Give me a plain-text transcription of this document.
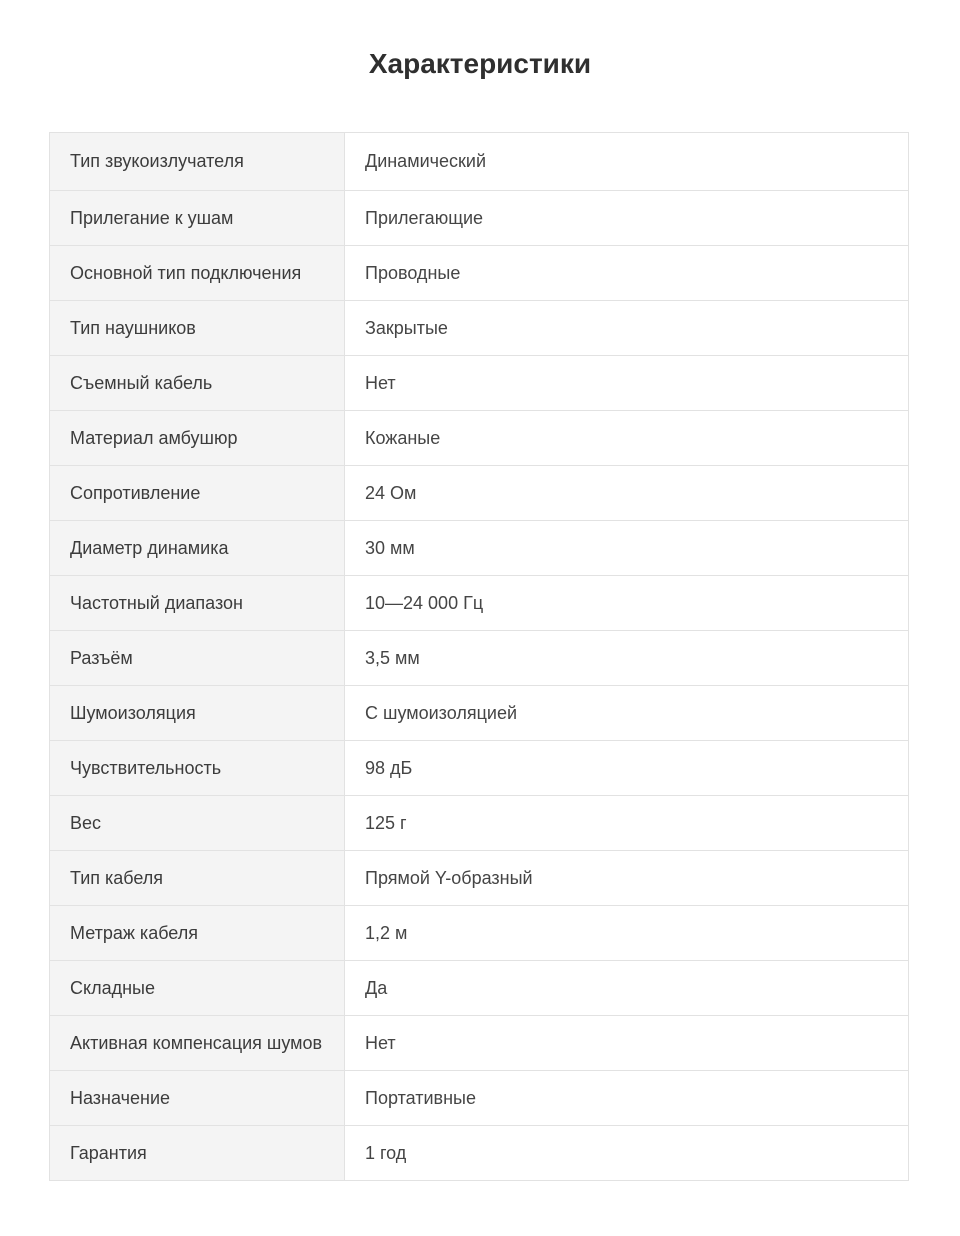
Характеристики
Тип звукоизлучателя	Динамический
Прилегание к ушам	Прилегающие
Основной тип подключения	Проводные
Тип наушников	Закрытые
Съемный кабель	Нет
Материал амбушюр	Кожаные
Сопротивление	24 Ом
Диаметр динамика	30 мм
Частотный диапазон	10—24 000 Гц
Разъём	3,5 мм
Шумоизоляция	С шумоизоляцией
Чувствительность	98 дБ
Вес	125 г
Тип кабеля	Прямой Y-образный
Метраж кабеля	1,2 м
Складные	Да
Активная компенсация шумов	Нет
Назначение	Портативные
Гарантия	1 год
